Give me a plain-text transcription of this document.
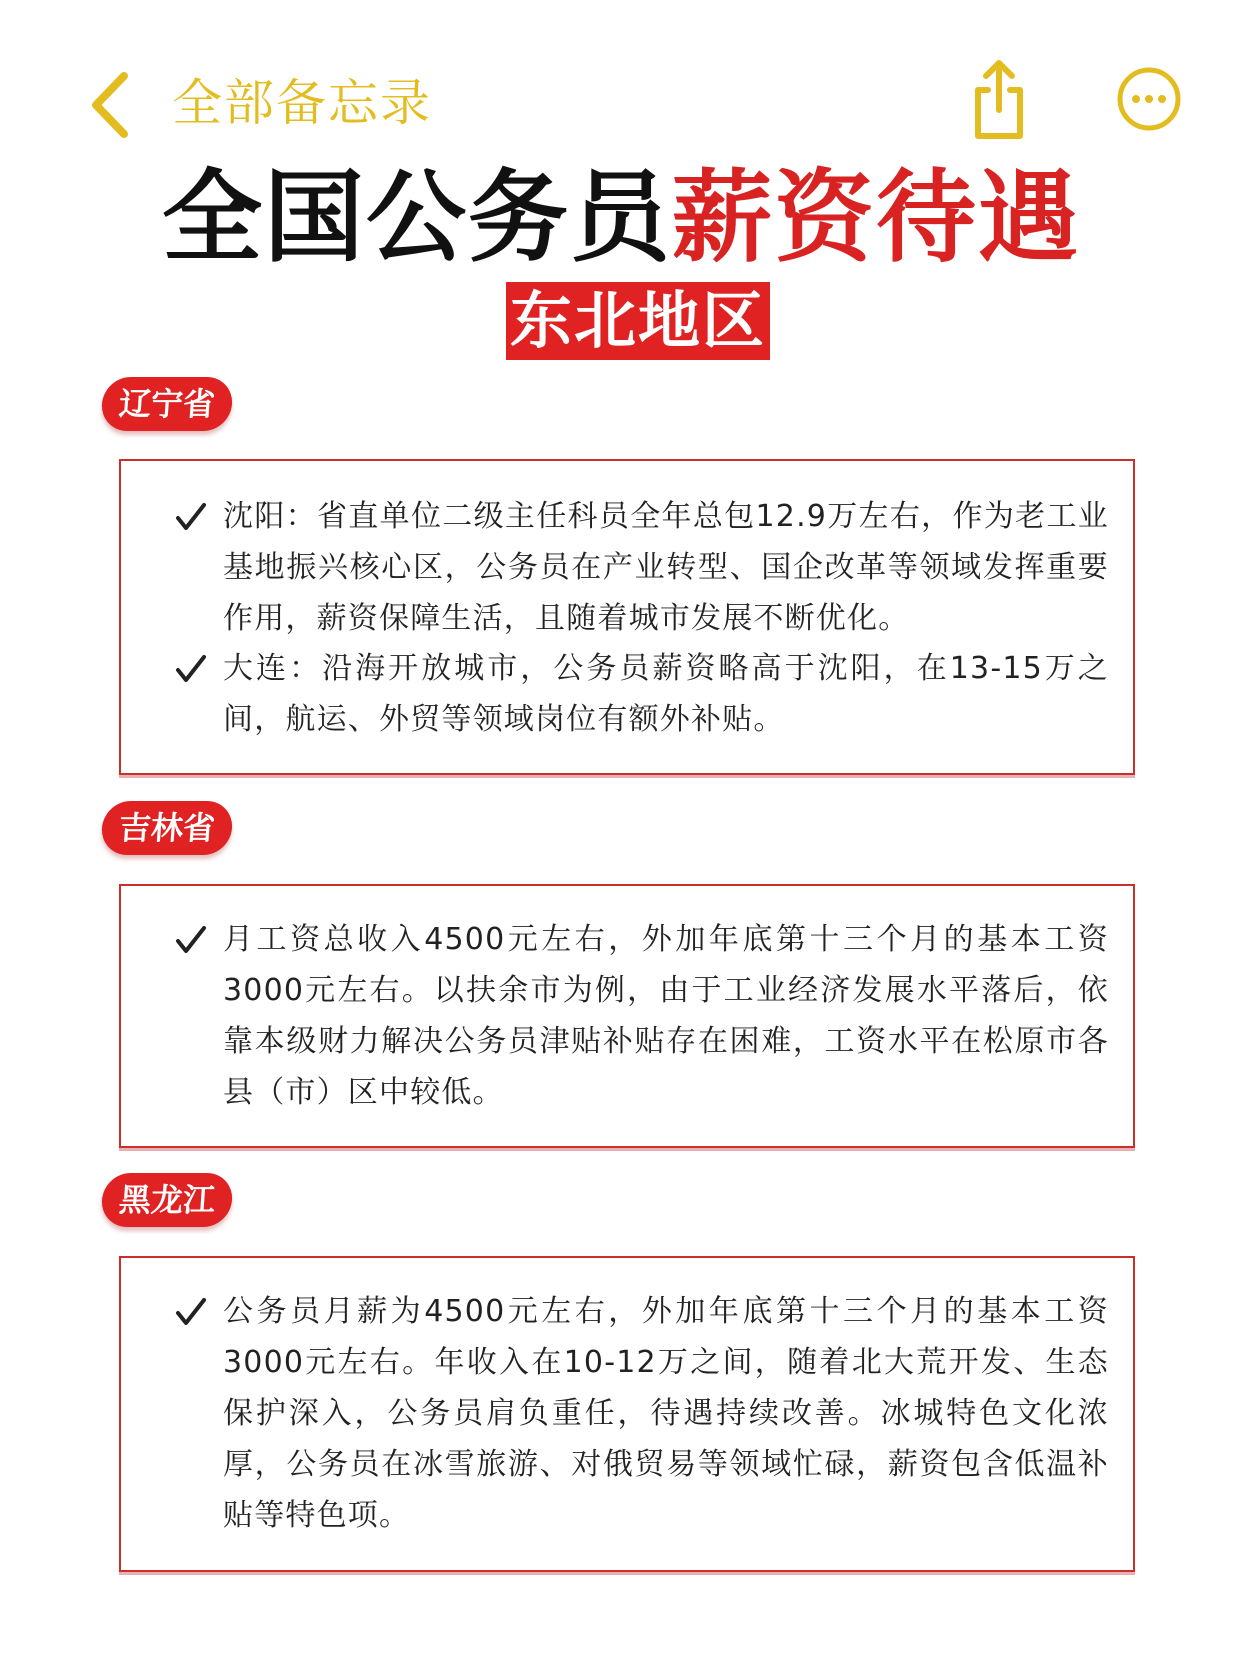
全部备忘录
全国公务员薪资待遇
东北地区
辽宁省
沈阳：省直单位二级主任科员全年总包12.9万左右，作为老工业基地振兴核心区，公务员在产业转型、国企改革等领域发挥重要作用，薪资保障生活，且随着城市发展不断优化。
大连：沿海开放城市，公务员薪资略高于沈阳，在13-15万之间，航运、外贸等领域岗位有额外补贴。
吉林省
月工资总收入4500元左右，外加年底第十三个月的基本工资3000元左右。以扶余市为例，由于工业经济发展水平落后，依靠本级财力解决公务员津贴补贴存在困难，工资水平在松原市各县（市）区中较低。
黑龙江
公务员月薪为4500元左右，外加年底第十三个月的基本工资3000元左右。年收入在10-12万之间，随着北大荒开发、生态保护深入，公务员肩负重任，待遇持续改善。冰城特色文化浓厚，公务员在冰雪旅游、对俄贸易等领域忙碌，薪资包含低温补贴等特色项。
